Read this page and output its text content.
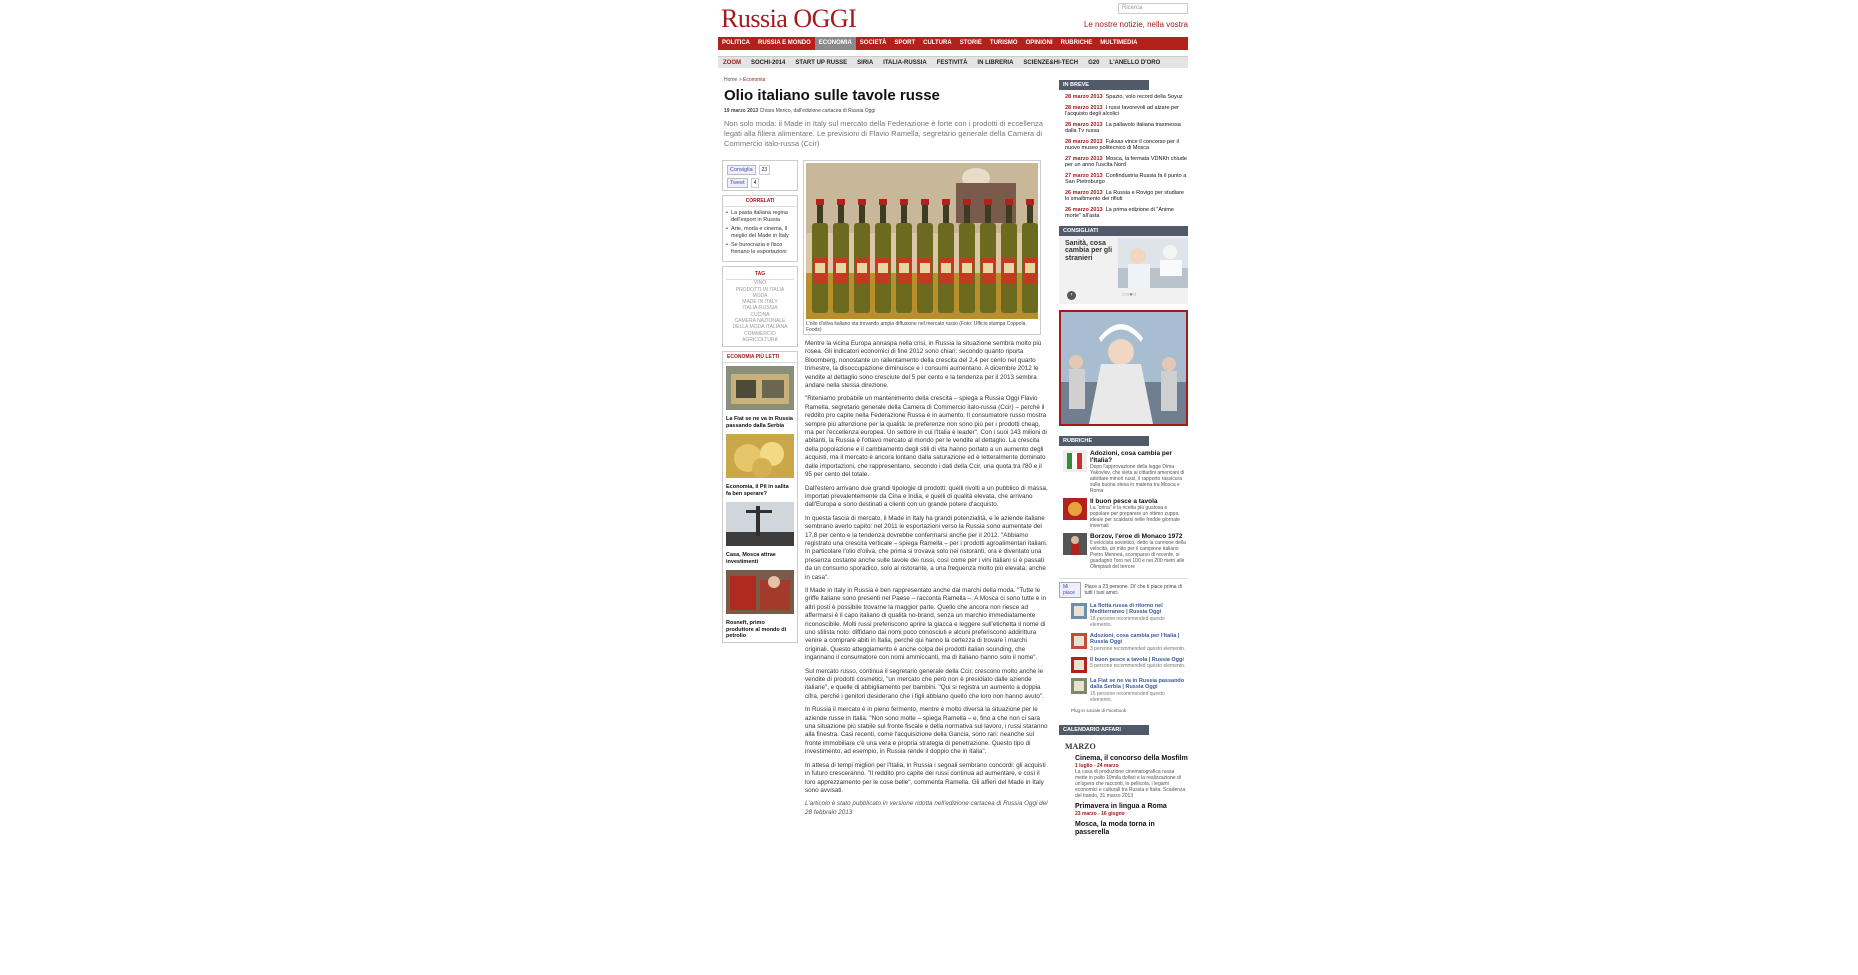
Russia OGGI	Ricerca
Le nostre notizie, nella vostra
POLITICA	RUSSIA E MONDO	ECONOMIA	SOCIETÀ	SPORT	CULTURA	STORIE	TURISMO	OPINIONI	RUBRICHE	MULTIMEDIA
ZOOM	SOCHI-2014	START UP RUSSE	SIRIA	ITALIA-RUSSIA	FESTIVITÀ	IN LIBRERIA	SCIENZE&HI-TECH	G20	L'ANELLO D'ORO
Home > Economia
Olio italiano sulle tavole russe
19 marzo 2013 Chiara Merico, dall'edizione cartacea di Russia Oggi
Non solo moda: il Made in Italy sul mercato della Federazione è forte con i prodotti di eccellenza legati alla filiera alimentare. Le previsioni di Flavio Ramella, segretario generale della Camera di Commercio italo-russa (Ccir)
Consiglia	23
Tweet	4
CORRELATI
• La pasta italiana regina dell'export in Russia
• Arte, moda e cinema, il meglio del Made in Italy
• Se burocrazia e fisco frenano le esportazioni
TAG
VINO
PRODOTTI IN ITALIA
MODA
MADE IN ITALY
ITALIA-RUSSIA
CUCINA
CAMERA NAZIONALE DELLA MODA ITALIANA
COMMERCIO
AGRICOLTURA
ECONOMIA PIÙ LETTI
La Fiat se ne va in Russia passando dalla Serbia
Economia, il Pil in salita fa ben sperare?
Casa, Mosca attrae investimenti
Rosneft, primo produttore al mondo di petrolio
L'olio d'oliva italiano sta trovando ampia diffusione nel mercato russo (Foto: Ufficio stampa Coppola Foods)

Mentre la vicina Europa annaspa nella crisi, in Russia la situazione sembra molto più rosea. Gli indicatori economici di fine 2012 sono chiari: secondo quanto riporta Bloomberg, nonostante un rallentamento della crescita del 2,4 per cento nel quarto trimestre, la disoccupazione diminuisce e i consumi aumentano. A dicembre 2012 le vendite al dettaglio sono cresciute del 5 per cento e la tendenza per il 2013 sembra andare nella stessa direzione.

"Riteniamo probabile un mantenimento della crescita – spiega a Russia Oggi Flavio Ramella, segretario generale della Camera di Commercio italo-russa (Ccir) – perché il reddito pro capite nella Federazione Russa è in aumento. Il consumatore russo mostra sempre più attenzione per la qualità: le preferenze non sono più per i prodotti cheap, ma per l'eccellenza europea. Un settore in cui l'Italia è leader". Con i suoi 143 milioni di abitanti, la Russia è l'ottavo mercato al mondo per le vendite al dettaglio. La crescita della popolazione e il cambiamento degli stili di vita hanno portato a un aumento degli acquisti, ma il mercato è ancora lontano dalla saturazione ed è letteralmente dominato dalle importazioni, che rappresentano, secondo i dati della Ccir, una quota tra l'80 e il 95 per cento del totale.

Dall'estero arrivano due grandi tipologie di prodotti: quelli rivolti a un pubblico di massa, importati prevalentemente da Cina e India, e quelli di qualità elevata, che arrivano dall'Europa e sono destinati a clienti con un grande potere d'acquisto.

In questa fascia di mercato, il Made in Italy ha grandi potenzialità, e le aziende italiane sembrano averlo capito: nel 2011 le esportazioni verso la Russia sono aumentate del 17,8 per cento e la tendenza dovrebbe confermarsi anche per il 2012. "Abbiamo registrato una crescita verticale – spiega Ramella – per i prodotti agroalimentari italiani. In particolare l'olio d'oliva, che prima si trovava solo nei ristoranti, ora è diventato una presenza costante anche sulle tavole dei russi, così come per i vini italiani si è passati da un consumo sporadico, solo al ristorante, a una frequenza molto più elevata, anche in casa".

Il Made in Italy in Russia è ben rappresentato anche dai marchi della moda. "Tutte le griffe italiane sono presenti nel Paese – racconta Ramella –. A Mosca ci sono tutte e in altri posti è possibile trovarne la maggior parte. Quello che ancora non riesce ad affermarsi è il capo italiano di qualità no-brand, senza un marchio immediatamente riconoscibile. Molti russi preferiscono aprire la giacca e leggere sull'etichetta il nome di uno stilista noto: diffidano dai nomi poco conosciuti e alcuni preferiscono addirittura venire a comprare abiti in Italia, perché qui hanno la certezza di trovare i marchi originali. Questo atteggiamento è anche colpa dei prodotti italian sounding, che ingannano il consumatore con nomi ammiccanti, ma di italiano hanno solo il nome".

Sul mercato russo, continua il segretario generale della Ccir, crescono molto anche le vendite di prodotti cosmetici, "un mercato che però non è presidiato dalle aziende italiane", e quelle di abbigliamento per bambini. "Qui si registra un aumento a doppia cifra, perché i genitori desiderano che i figli abbiano quello che loro non hanno avuto".

In Russia il mercato è in pieno fermento, mentre è molto diversa la situazione per le aziende russe in Italia. "Non sono molte – spiega Ramella – e, fino a che non ci sarà una situazione più stabile sul fronte fiscale e della normativa sul lavoro, i russi staranno alla finestra. Casi recenti, come l'acquisizione della Gancia, sono rari: neanche sul fronte immobiliare c'è una vera e propria strategia di penetrazione. Questo tipo di investimento, ad esempio, in Russia rende il doppio che in Italia".

In attesa di tempi migliori per l'Italia, in Russia i segnali sembrano concordi: gli acquisti in futuro cresceranno. "Il reddito pro capite dei russi continua ad aumentare, e così il loro apprezzamento per le cose belle", commenta Ramella. Gli alfieri del Made in Italy sono avvisati.

L'articolo è stato pubblicato in versione ridotta nell'edizione cartacea di Russia Oggi del 28 febbraio 2013

IN BREVE
28 marzo 2013 Spazio, volo record della Soyuz
28 marzo 2013 I russi favorevoli ad alzare per l'acquisto degli alcolici
28 marzo 2013 La pallavolo italiana trasmessa dalla Tv russa
28 marzo 2013 Fuksas vince il concorso per il nuovo museo politecnico di Mosca
27 marzo 2013 Mosca, la fermata VDNKh chiude per un anno l'uscita Nord
27 marzo 2013 Confindustria Russia fa il punto a San Pietroburgo
26 marzo 2013 La Russia e Rovigo per studiare lo smaltimento dei rifiuti
26 marzo 2013 La prima edizione di "Anime morte" all'asta
CONSIGLIATI
Sanità, cosa cambia per gli stranieri
‹	○○●○
RUBRICHE
Adozioni, cosa cambia per l'Italia?
Dopo l'approvazione della legge Dima Yakovlev, che vieta ai cittadini americani di adottare minori russi, il rapporto rassicura sulla buona stesa in materia tra Mosca e Roma
Il buon pesce a tavola
La "orina" è la ricetta più gustosa e popolare per preparare un ottimo zuppa, ideale per scaldarsi nelle fredde giornate invernali
Borzov, l'eroe di Monaco 1972
Il velocista sovietico, detto la cannone della velocità, un mito per il campione italiano Pietro Mennea, scomparso di recente, si guadagnò l'oro nei 100 e nei 200 metri alle Olimpiadi del terrore
Mi piace
Piace a 23 persone. Di' che ti piace prima di tutti i tuoi amici.
La flotta russa di ritorno nel Mediterraneo | Russia Oggi
18 persone recommended questo elemento.
Adozioni, cosa cambia per l'Italia | Russia Oggi
3 persone recommended questo elemento.
Il buon pesce a tavola | Russia Oggi
5 persone recommended questo elemento.
La Fiat se ne va in Russia passando dalla Serbia | Russia Oggi
15 persone recommended questo elemento.
Plug-in sociale di Facebook
CALENDARIO AFFARI
MARZO
Cinema, il concorso della Mosfilm
1 luglio - 24 marzo
La casa di produzione cinematografica russa mette in palio 10mila dollari e la realizzazione di un'opera che racconti, in pellicola, i legami economici e culturali tra Russia e Italia. Scadenza del bando, 31 marzo 2013
Primavera in lingua a Roma
23 marzo - 16 giugno
Mosca, la moda torna in passerella
